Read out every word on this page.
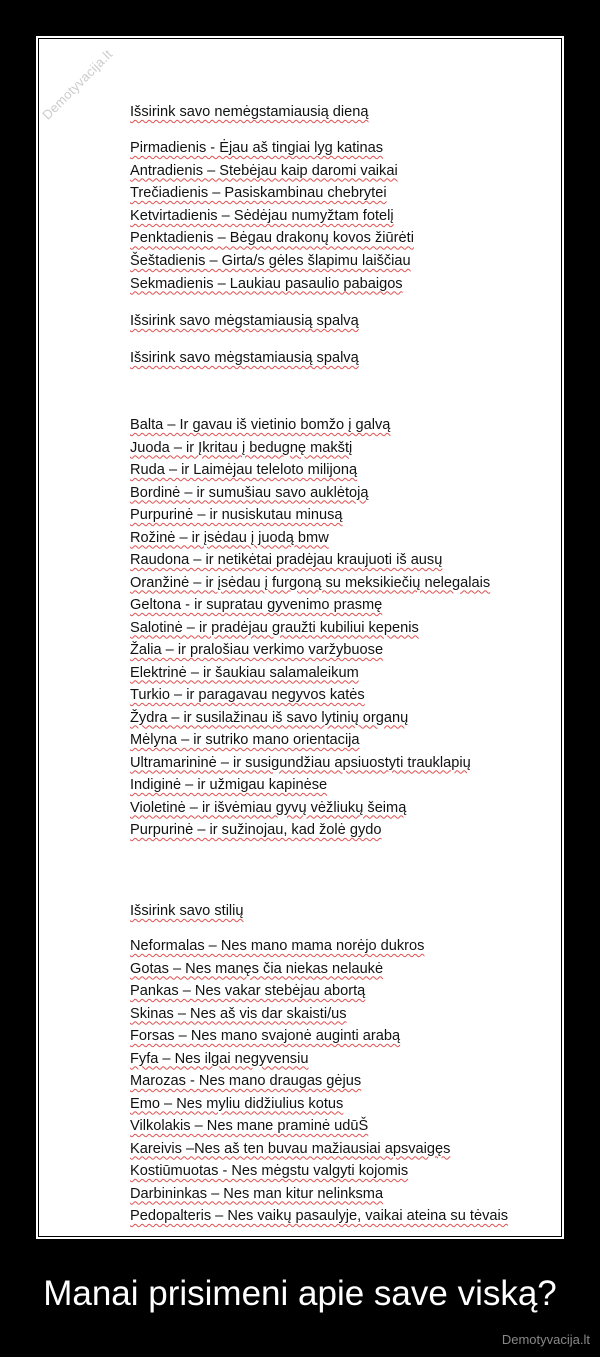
Demotyvacija.lt Išsirink savo nemėgstamiausią dieną
Pirmadienis - Ėjau aš tingiai lyg katinas
Antradienis – Stebėjau kaip daromi vaikai
Trečiadienis – Pasiskambinau chebrytei
Ketvirtadienis – Sėdėjau numyžtam fotelį
Penktadienis – Bėgau drakonų kovos žiūrėti
Šeštadienis – Girta/s gėles šlapimu laiščiau
Sekmadienis – Laukiau pasaulio pabaigos
Išsirink savo mėgstamiausią spalvą
Išsirink savo mėgstamiausią spalvą
Balta – Ir gavau iš vietinio bomžo į galvą
Juoda – ir Įkritau į bedugnę makštį
Ruda – ir Laimėjau teleloto milijoną
Bordinė – ir sumušiau savo auklėtoją
Purpurinė – ir nusiskutau minusą
Rožinė – ir įsėdau į juodą bmw
Raudona – ir netikėtai pradėjau kraujuoti iš ausų
Oranžinė – ir įsėdau į furgoną su meksikiečių nelegalais
Geltona - ir supratau gyvenimo prasmę
Salotinė – ir pradėjau graužti kubiliui kepenis
Žalia – ir pralošiau verkimo varžybuose
Elektrinė – ir šaukiau salamaleikum
Turkio – ir paragavau negyvos katės
Žydra – ir susilažinau iš savo lytinių organų
Mėlyna – ir sutriko mano orientacija
Ultramarininė – ir susigundžiau apsiuostyti trauklapių
Indiginė – ir užmigau kapinėse
Violetinė – ir išvėmiau gyvų vėžliukų šeimą
Purpurinė – ir sužinojau, kad žolė gydo
Išsirink savo stilių
Neformalas – Nes mano mama norėjo dukros
Gotas – Nes manęs čia niekas nelaukė
Pankas – Nes vakar stebėjau abortą
Skinas – Nes aš vis dar skaisti/us
Forsas – Nes mano svajonė auginti arabą
Fyfa – Nes ilgai negyvensiu
Marozas - Nes mano draugas gėjus
Emo – Nes myliu didžiulius kotus
Vilkolakis – Nes mane praminė udūŠ
Kareivis –Nes aš ten buvau mažiausiai apsvaigęs
Kostiūmuotas - Nes mėgstu valgyti kojomis
Darbininkas – Nes man kitur nelinksma
Pedopalteris – Nes vaikų pasaulyje, vaikai ateina su tėvais
Manai prisimeni apie save viską?
Demotyvacija.lt
